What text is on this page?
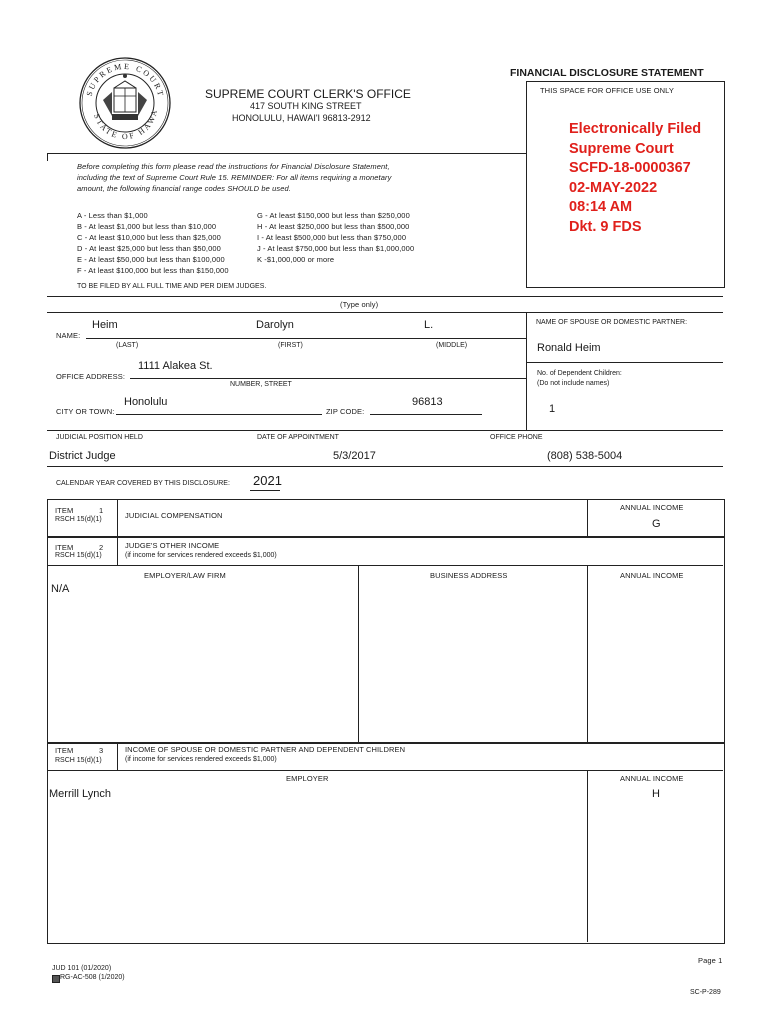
SUPREME COURT
STATE OF HAWA
FINANCIAL DISCLOSURE STATEMENT
SUPREME COURT CLERK'S OFFICE
417 SOUTH KING STREET
HONOLULU, HAWAI'I 96813-2912
THIS SPACE FOR OFFICE USE ONLY
Electronically Filed
Supreme Court
SCFD-18-0000367
02-MAY-2022
08:14 AM
Dkt. 9 FDS
Before completing this form please read the instructions for Financial Disclosure Statement,
including the text of Supreme Court Rule 15. REMINDER: For all items requiring a monetary
amount, the following financial range codes SHOULD be used.
A - Less than $1,000
B - At least $1,000 but less than $10,000
C - At least $10,000 but less than $25,000
D - At least $25,000 but less than $50,000
E - At least $50,000 but less than $100,000
F - At least $100,000 but less than $150,000
G - At least $150,000 but less than $250,000
H - At least $250,000 but less than $500,000
I - At least $500,000 but less than $750,000
J - At least $750,000 but less than $1,000,000
K -$1,000,000 or more
TO BE FILED BY ALL FULL TIME AND PER DIEM JUDGES.
(Type only)
NAME:
Heim	Darolyn	L.
(LAST)	(FIRST)	(MIDDLE)
NAME OF SPOUSE OR DOMESTIC PARTNER:
Ronald Heim
No. of Dependent Children:
(Do not include names)
1
OFFICE ADDRESS:
1111 Alakea St.
NUMBER, STREET
CITY OR TOWN:
Honolulu
ZIP CODE:
96813
JUDICIAL POSITION HELD	DATE OF APPOINTMENT	OFFICE PHONE
District Judge	5/3/2017	(808) 538-5004
CALENDAR YEAR COVERED BY THIS DISCLOSURE: 2021
ITEM	1
RSCH 15(d)(1)	JUDICIAL COMPENSATION
ANNUAL INCOME
G
ITEM	2
RSCH 15(d)(1)
JUDGE'S OTHER INCOME
(if income for services rendered exceeds $1,000)
EMPLOYER/LAW FIRM	BUSINESS ADDRESS	ANNUAL INCOME
N/A
ITEM	3
RSCH 15(d)(1)
INCOME OF SPOUSE OR DOMESTIC PARTNER AND DEPENDENT CHILDREN
(if income for services rendered exceeds $1,000)
EMPLOYER	ANNUAL INCOME
Merrill Lynch	H
Page 1
JUD 101 (01/2020)
RG-AC-508 (1/2020)
SC-P-289
